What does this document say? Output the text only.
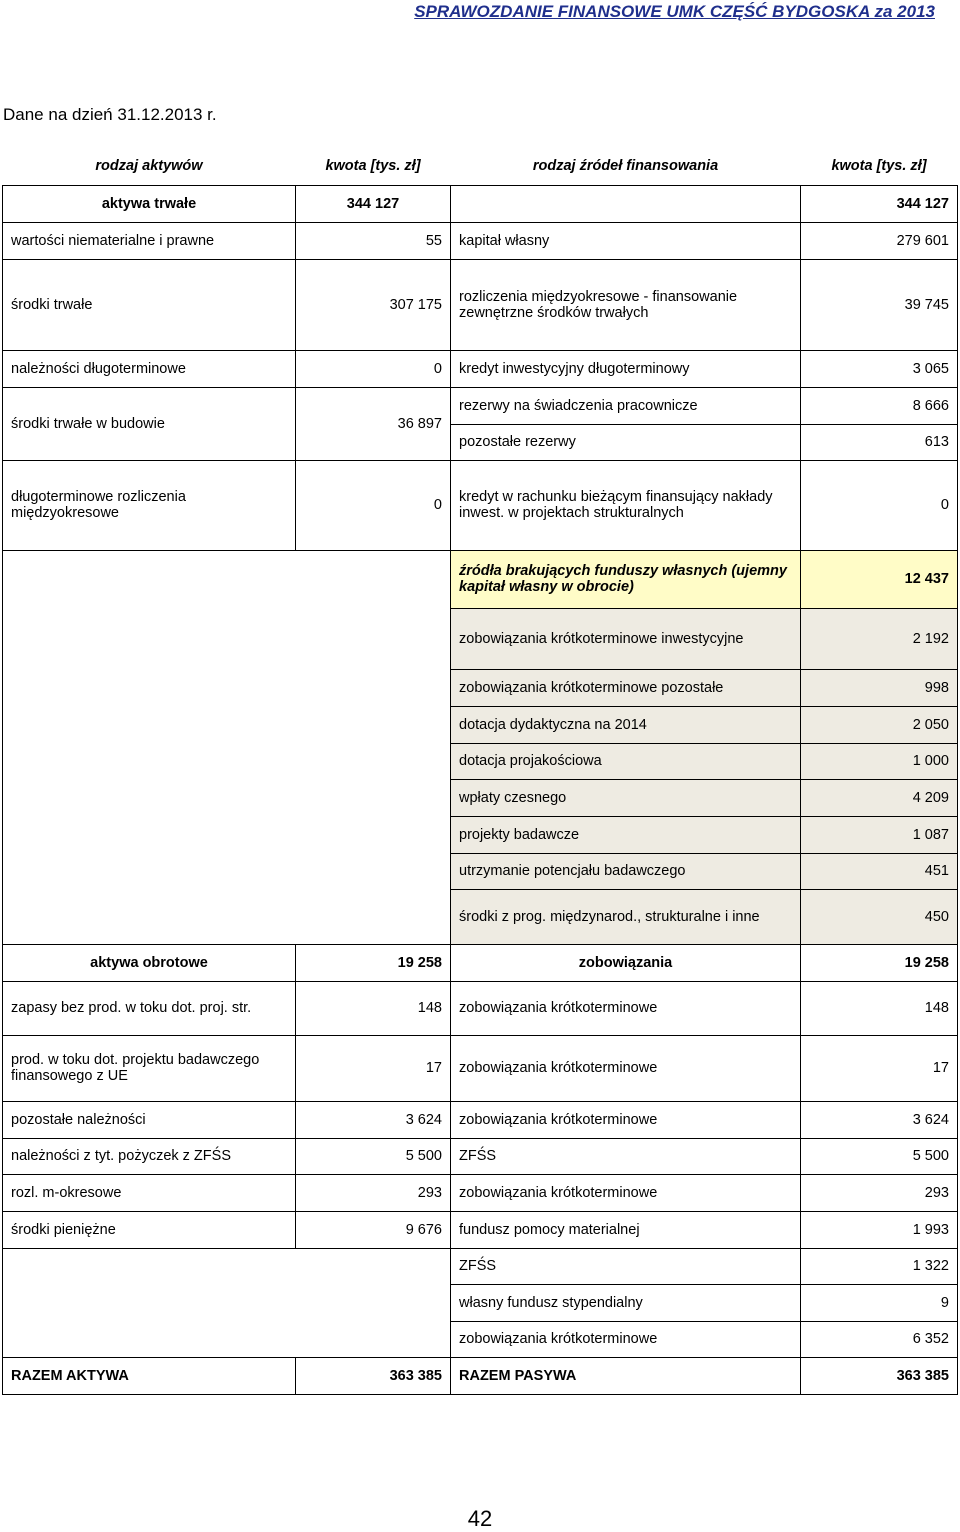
SPRAWOZDANIE FINANSOWE UMK CZĘŚĆ BYDGOSKA za 2013
Dane na dzień 31.12.2013 r.
rodzaj aktywów	kwota [tys. zł]	rodzaj źródeł finansowania	kwota [tys. zł]
aktywa trwałe	344 127		344 127
wartości niematerialne i prawne	55	kapitał własny	279 601
środki trwałe	307 175	rozliczenia międzyokresowe - finansowanie zewnętrzne środków trwałych	39 745
należności długoterminowe	0	kredyt inwestycyjny długoterminowy	3 065
środki trwałe w budowie	36 897	rezerwy na świadczenia pracownicze	8 666
		pozostałe rezerwy	613
długoterminowe rozliczenia międzyokresowe	0	kredyt w rachunku bieżącym finansujący nakłady inwest. w projektach strukturalnych	0
		źródła brakujących funduszy własnych (ujemny kapitał własny w obrocie)	12 437
		zobowiązania krótkoterminowe inwestycyjne	2 192
		zobowiązania krótkoterminowe pozostałe	998
		dotacja dydaktyczna na 2014	2 050
		dotacja projakościowa	1 000
		wpłaty czesnego	4 209
		projekty badawcze	1 087
		utrzymanie potencjału badawczego	451
		środki z prog. międzynarod., strukturalne i inne	450
aktywa obrotowe	19 258	zobowiązania	19 258
zapasy bez prod. w toku dot. proj. str.	148	zobowiązania krótkoterminowe	148
prod. w toku dot. projektu badawczego finansowego z UE	17	zobowiązania krótkoterminowe	17
pozostałe należności	3 624	zobowiązania krótkoterminowe	3 624
należności z tyt. pożyczek z ZFŚS	5 500	ZFŚS	5 500
rozl. m-okresowe	293	zobowiązania krótkoterminowe	293
środki pieniężne	9 676	fundusz pomocy materialnej	1 993
		ZFŚS	1 322
		własny fundusz stypendialny	9
		zobowiązania krótkoterminowe	6 352
RAZEM AKTYWA	363 385	RAZEM PASYWA	363 385
42
